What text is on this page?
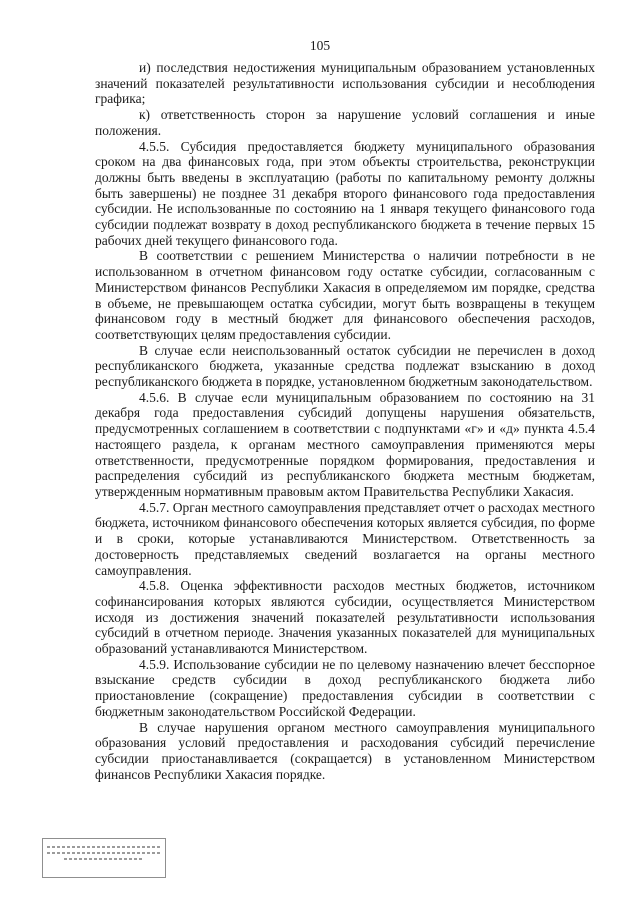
105

и) последствия недостижения муниципальным образованием установленных значений показателей результативности использования субсидии и несоблюдения графика;

к) ответственность сторон за нарушение условий соглашения и иные положения.

4.5.5. Субсидия предоставляется бюджету муниципального образования сроком на два финансовых года, при этом объекты строительства, реконструкции должны быть введены в эксплуатацию (работы по капитальному ремонту должны быть завершены) не позднее 31 декабря второго финансового года предоставления субсидии. Не использованные по состоянию на 1 января текущего финансового года субсидии подлежат возврату в доход республиканского бюджета в течение первых 15 рабочих дней текущего финансового года.

В соответствии с решением Министерства о наличии потребности в не использованном в отчетном финансовом году остатке субсидии, согласованным с Министерством финансов Республики Хакасия в определяемом им порядке, средства в объеме, не превышающем остатка субсидии, могут быть возвращены в текущем финансовом году в местный бюджет для финансового обеспечения расходов, соответствующих целям предоставления субсидии.

В случае если неиспользованный остаток субсидии не перечислен в доход республиканского бюджета, указанные средства подлежат взысканию в доход республиканского бюджета в порядке, установленном бюджетным законодательством.

4.5.6. В случае если муниципальным образованием по состоянию на 31 декабря года предоставления субсидий допущены нарушения обязательств, предусмотренных соглашением в соответствии с подпунктами «г» и «д» пункта 4.5.4 настоящего раздела, к органам местного самоуправления применяются меры ответственности, предусмотренные порядком формирования, предоставления и распределения субсидий из республиканского бюджета местным бюджетам, утвержденным нормативным правовым актом Правительства Республики Хакасия.

4.5.7. Орган местного самоуправления представляет отчет о расходах местного бюджета, источником финансового обеспечения которых является субсидия, по форме и в сроки, которые устанавливаются Министерством. Ответственность за достоверность представляемых сведений возлагается на органы местного самоуправления.

4.5.8. Оценка эффективности расходов местных бюджетов, источником софинансирования которых являются субсидии, осуществляется Министерством исходя из достижения значений показателей результативности использования субсидий в отчетном периоде. Значения указанных показателей для муниципальных образований устанавливаются Министерством.

4.5.9. Использование субсидии не по целевому назначению влечет бесспорное взыскание средств субсидии в доход республиканского бюджета либо приостановление (сокращение) предоставления субсидии в соответствии с бюджетным законодательством Российской Федерации.

В случае нарушения органом местного самоуправления муниципального образования условий предоставления и расходования субсидий перечисление субсидии приостанавливается (сокращается) в установленном Министерством финансов Республики Хакасия порядке.
